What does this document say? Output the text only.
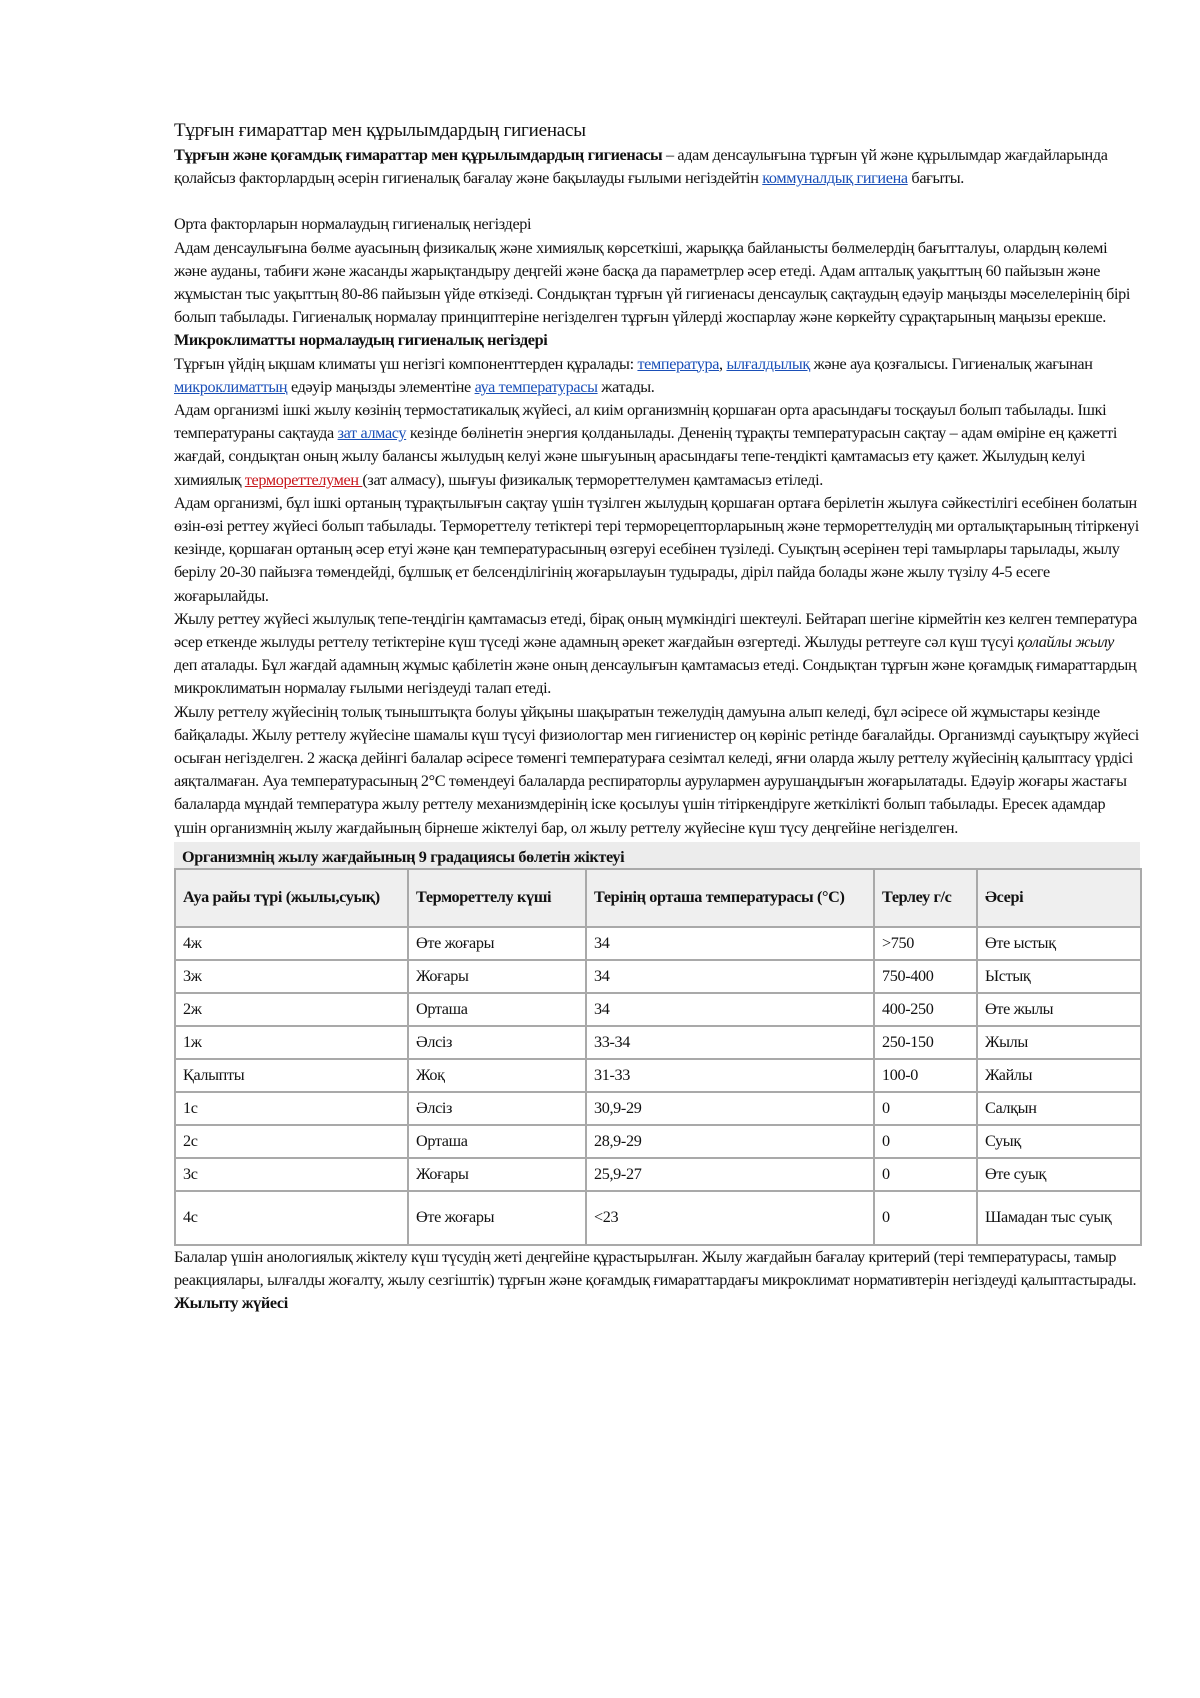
Тұрғын ғимараттар мен құрылымдардың гигиенасы

Тұрғын және қоғамдық ғимараттар мен құрылымдардың гигиенасы – адам денсаулығына тұрғын үй және құрылымдар жағдайларында қолайсыз факторлардың әсерін гигиеналық бағалау және бақылауды ғылыми негіздейтін коммуналдық гигиена бағыты.

Орта факторларын нормалаудың гигиеналық негіздері

Адам денсаулығына бөлме ауасының физикалық және химиялық көрсеткіші, жарыққа байланысты бөлмелердің бағытталуы, олардың көлемі және ауданы, табиғи және жасанды жарықтандыру деңгейі және басқа да параметрлер әсер етеді. Адам апталық уақыттың 60 пайызын және жұмыстан тыс уақыттың 80-86 пайызын үйде өткізеді. Сондықтан тұрғын үй гигиенасы денсаулық сақтаудың едәуір маңызды мәселелерінің бірі болып табылады. Гигиеналық нормалау принциптеріне негізделген тұрғын үйлерді жоспарлау және көркейту сұрақтарының маңызы ерекше.

Микроклиматты нормалаудың гигиеналық негіздері

Тұрғын үйдің ықшам климаты үш негізгі компоненттерден құралады: температура, ылғалдылық және ауа қозғалысы. Гигиеналық жағынан микроклиматтың едәуір маңызды элементіне ауа температурасы жатады.

Адам организмі ішкі жылу көзінің термостатикалық жүйесі, ал киім организмнің қоршаған орта арасындағы тосқауыл болып табылады. Ішкі температураны сақтауда зат алмасу кезінде бөлінетін энергия қолданылады. Дененің тұрақты температурасын сақтау – адам өміріне ең қажетті жағдай, сондықтан оның жылу балансы жылудың келуі және шығуының арасындағы тепе-теңдікті қамтамасыз ету қажет. Жылудың келуі химиялық термореттелумен (зат алмасу), шығуы физикалық термореттелумен қамтамасыз етіледі.

Адам организмі, бұл ішкі ортаның тұрақтылығын сақтау үшін түзілген жылудың қоршаған ортаға берілетін жылуға сәйкестілігі есебінен болатын өзін-өзі реттеу жүйесі болып табылады. Термореттелу тетіктері тері терморецепторларының және термореттелудің ми орталықтарының тітіркенуі кезінде, қоршаған ортаның әсер етуі және қан температурасының өзгеруі есебінен түзіледі. Суықтың әсерінен тері тамырлары тарылады, жылу берілу 20-30 пайызға төмендейді, бұлшық ет белсенділігінің жоғарылауын тудырады, діріл пайда болады және жылу түзілу 4-5 есеге жоғарылайды.

Жылу реттеу жүйесі жылулық тепе-теңдігін қамтамасыз етеді, бірақ оның мүмкіндігі шектеулі. Бейтарап шегіне кірмейтін кез келген температура әсер еткенде жылуды реттелу тетіктеріне күш түседі және адамның әрекет жағдайын өзгертеді. Жылуды реттеуге сәл күш түсуі қолайлы жылу деп аталады. Бұл жағдай адамның жұмыс қабілетін және оның денсаулығын қамтамасыз етеді. Сондықтан тұрғын және қоғамдық ғимараттардың микроклиматын нормалау ғылыми негіздеуді талап етеді.

Жылу реттелу жүйесінің толық тыныштықта болуы ұйқыны шақыратын тежелудің дамуына алып келеді, бұл әсіресе ой жұмыстары кезінде байқалады. Жылу реттелу жүйесіне шамалы күш түсуі физиологтар мен гигиенистер оң көрініс ретінде бағалайды. Организмді сауықтыру жүйесі осыған негізделген. 2 жасқа дейінгі балалар әсіресе төменгі температураға сезімтал келеді, яғни оларда жылу реттелу жүйесінің қалыптасу үрдісі аяқталмаған. Ауа температурасының 2°С төмендеуі балаларда респираторлы аурулармен аурушаңдығын жоғарылатады. Едәуір жоғары жастағы балаларда мұндай температура жылу реттелу механизмдерінің іске қосылуы үшін тітіркендіруге жеткілікті болып табылады. Ересек адамдар үшін организмнің жылу жағдайының бірнеше жіктелуі бар, ол жылу реттелу жүйесіне күш түсу деңгейіне негізделген.

Организмнің жылу жағдайының 9 градациясы бөлетін жіктеуі
Ауа райы түрі (жылы,суық)	Термореттелу күші	Терінің орташа температурасы (°С)	Терлеу г/с	Әсері
4ж	Өте жоғары	34	>750	Өте ыстық
3ж	Жоғары	34	750-400	Ыстық
2ж	Орташа	34	400-250	Өте жылы
1ж	Әлсіз	33-34	250-150	Жылы
Қалыпты	Жоқ	31-33	100-0	Жайлы
1с	Әлсіз	30,9-29	0	Салқын
2с	Орташа	28,9-29	0	Суық
3с	Жоғары	25,9-27	0	Өте суық
4с	Өте жоғары	<23	0	Шамадан тыс суық

Балалар үшін анологиялық жіктелу күш түсудің жеті деңгейіне құрастырылған. Жылу жағдайын бағалау критерий (тері температурасы, тамыр реакциялары, ылғалды жоғалту, жылу сезгіштік) тұрғын және қоғамдық ғимараттардағы микроклимат нормативтерін негіздеуді қалыптастырады.

Жылыту жүйесі
